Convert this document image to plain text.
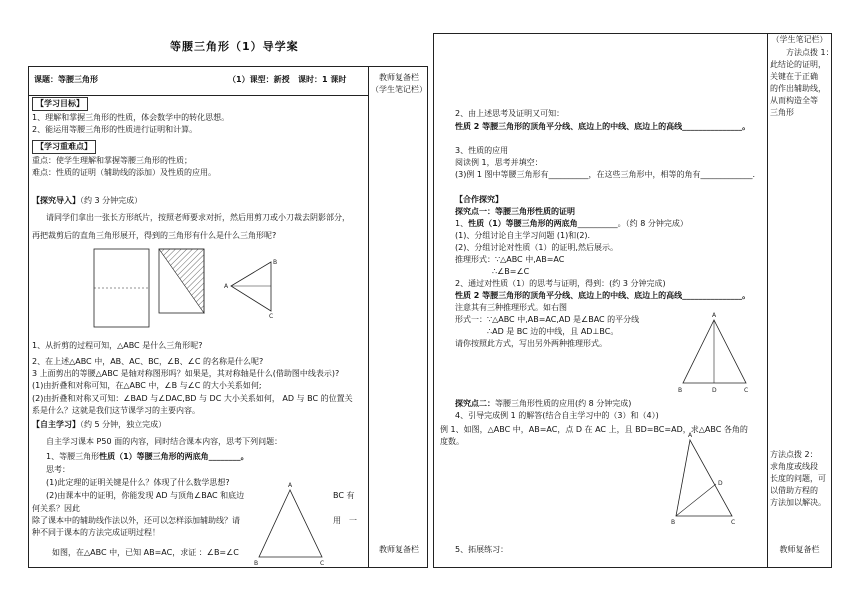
等腰三角形（1）导学案
课题：等腰三角形	（1）课型：新授 课时：1 课时	教师复备栏
（学生笔记栏）
教师复备栏
【学习目标】
1、理解和掌握三角形的性质，体会数学中的转化思想。
2、能运用等腰三角形的性质进行证明和计算。
【学习重难点】
重点：使学生理解和掌握等腰三角形的性质；
难点：性质的证明（辅助线的添加）及性质的应用。
【探究导入】（约 3 分钟完成）
请同学们拿出一张长方形纸片，按照老师要求对折，然后用剪刀或小刀裁去阴影部分，
再把裁剪后的直角三角形展开，得到的三角形有什么是什么三角形呢?
A
B
C
1、从折剪的过程可知，△ABC 是什么三角形呢?
2、在上述△ABC 中，AB、AC、BC，∠B、∠C 的名称是什么呢?
3 上面剪出的等腰△ABC 是轴对称图形吗？如果是，其对称轴是什么(借助图中线表示)?
(1)由折叠和对称可知，在△ABC 中，∠B 与∠C 的大小关系如何;
(2)由折叠和对称又可知：∠BAD 与∠DAC,BD 与 DC 大小关系如何， AD 与 BC 的位置关
系是什么？这就是我们这节课学习的主要内容。
【自主学习】（约 5 分钟，独立完成）
自主学习课本 P50 面的内容，同时结合课本内容，思考下列问题：
1、等腰三角形性质（1）等腰三角形的两底角________。
思考：
(1)此定理的证明关键是什么？体现了什么数学思想?
(2)由课本中的证明，你能发现 AD 与顶角∠BAC 和底边	BC 有
何关系？因此
除了课本中的辅助线作法以外，还可以怎样添加辅助线？请	用　一
种不同于课本的方法完成证明过程！
如图，在△ABC 中，已知 AB=AC，求证 ：∠B=∠C
A
B	C
（学生笔记栏）
方法点拨 1：
此结论的证明，
关键在于正确
的作出辅助线，
从而构造全等
三角形
方法点拨 2：
求角度或线段
长度的问题，可
以借助方程的
方法加以解决。
教师复备栏
2、由上述思考及证明又可知：
性质 2 等腰三角形的顶角平分线、底边上的中线、底边上的高线_______________。
3、性质的应用
阅读例 1，思考并填空：
(3)例 1 图中等腰三角形有__________，在这些三角形中，相等的角有_____________.
【合作探究】
探究点一：等腰三角形性质的证明
1、性质（1）等腰三角形的两底角__________。（约 8 分钟完成）
(1)、分组讨论自主学习问题 (1)和(2).
(2)、分组讨论对性质（1）的证明,然后展示。
推理形式：∵△ABC 中,AB=AC
∴∠B=∠C
2、通过对性质（1）的思考与证明，得到：(约 3 分钟完成)
性质 2 等腰三角形的顶角平分线、底边上的中线、底边上的高线_______________。
注意其有三种推理形式。如右图
形式一：∵△ABC 中,AB=AC,AD 是∠BAC 的平分线
∴AD 是 BC 边的中线，且 AD⊥BC。
请你按照此方式，写出另外两种推理形式。
A
B	D	C
探究点二：等腰三角形性质的应用(约 8 分钟完成)
4、引导完成例 1 的解答(结合自主学习中的（3）和（4）)
例 1、如图，△ABC 中，AB=AC，点 D 在 AC 上，且 BD=BC=AD，求△ABC 各角的
度数。
A
D
B	C
5、拓展练习：
